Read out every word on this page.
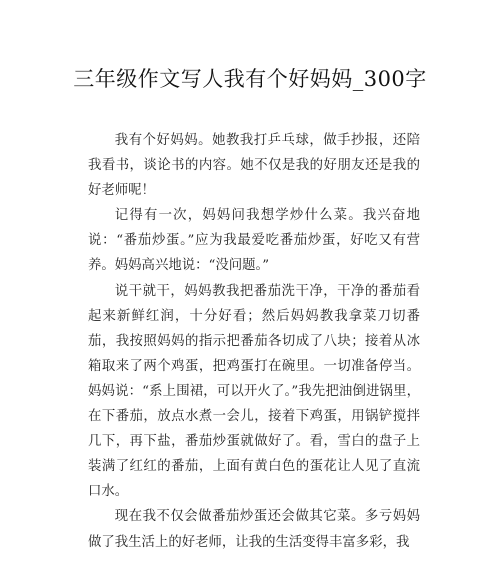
三年级作文写人我有个好妈妈_300字

我有个好妈妈。她教我打乒乓球，做手抄报，还陪我看书，谈论书的内容。她不仅是我的好朋友还是我的好老师呢！

记得有一次，妈妈问我想学炒什么菜。我兴奋地说：“番茄炒蛋。”应为我最爱吃番茄炒蛋，好吃又有营养。妈妈高兴地说：“没问题。”

说干就干，妈妈教我把番茄洗干净，干净的番茄看起来新鲜红润，十分好看；然后妈妈教我拿菜刀切番茄，我按照妈妈的指示把番茄各切成了八块；接着从冰箱取来了两个鸡蛋，把鸡蛋打在碗里。一切准备停当。妈妈说：“系上围裙，可以开火了。”我先把油倒进锅里，在下番茄，放点水煮一会儿，接着下鸡蛋，用锅铲搅拌几下，再下盐，番茄炒蛋就做好了。看，雪白的盘子上装满了红红的番茄，上面有黄白色的蛋花让人见了直流口水。

现在我不仅会做番茄炒蛋还会做其它菜。多亏妈妈做了我生活上的好老师，让我的生活变得丰富多彩，我
